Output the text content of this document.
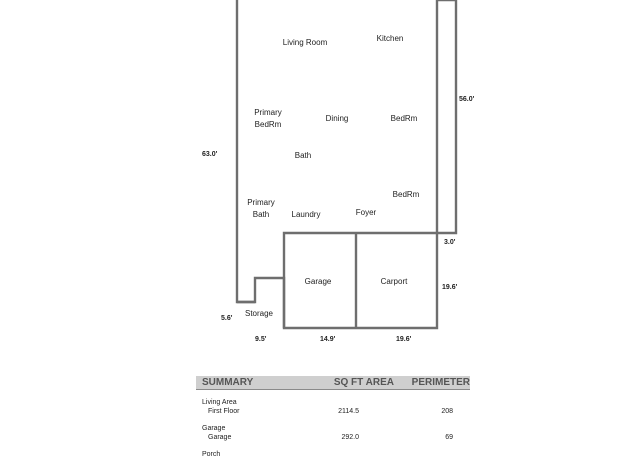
Living Room	Kitchen
Primary
BedRm
Dining	BedRm
Bath
BedRm
Primary
Bath	Laundry	Foyer
Garage	Carport
Storage
63.0'
56.0'
3.0'
19.6'
5.6'
9.5'	14.9'	19.6'
SUMMARY	SQ FT AREA	PERIMETER
Living Area
First Floor	2114.5	208
Garage
Garage	292.0	69
Porch
